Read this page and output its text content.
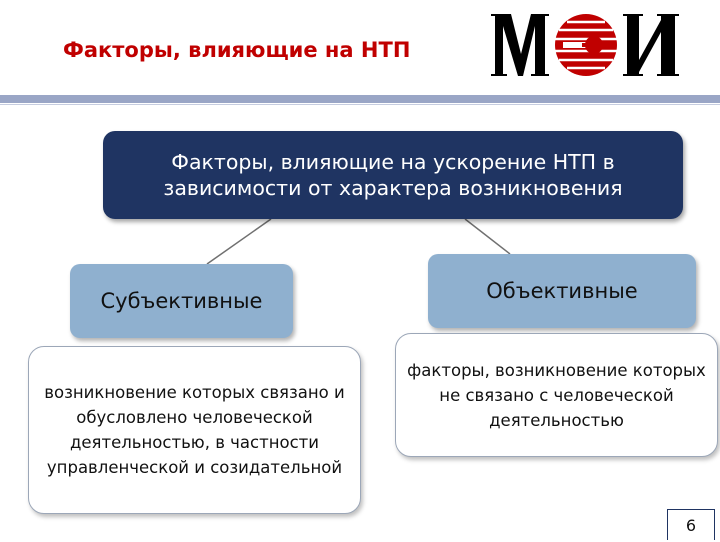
Факторы, влияющие на НТП
Факторы, влияющие на ускорение НТП в зависимости от характера возникновения
Субъективные	Объективные
возникновение которых связано и обусловлено человеческой деятельностью, в частности управленческой и созидательной
факторы, возникновение которых не связано с человеческой деятельностью
6
